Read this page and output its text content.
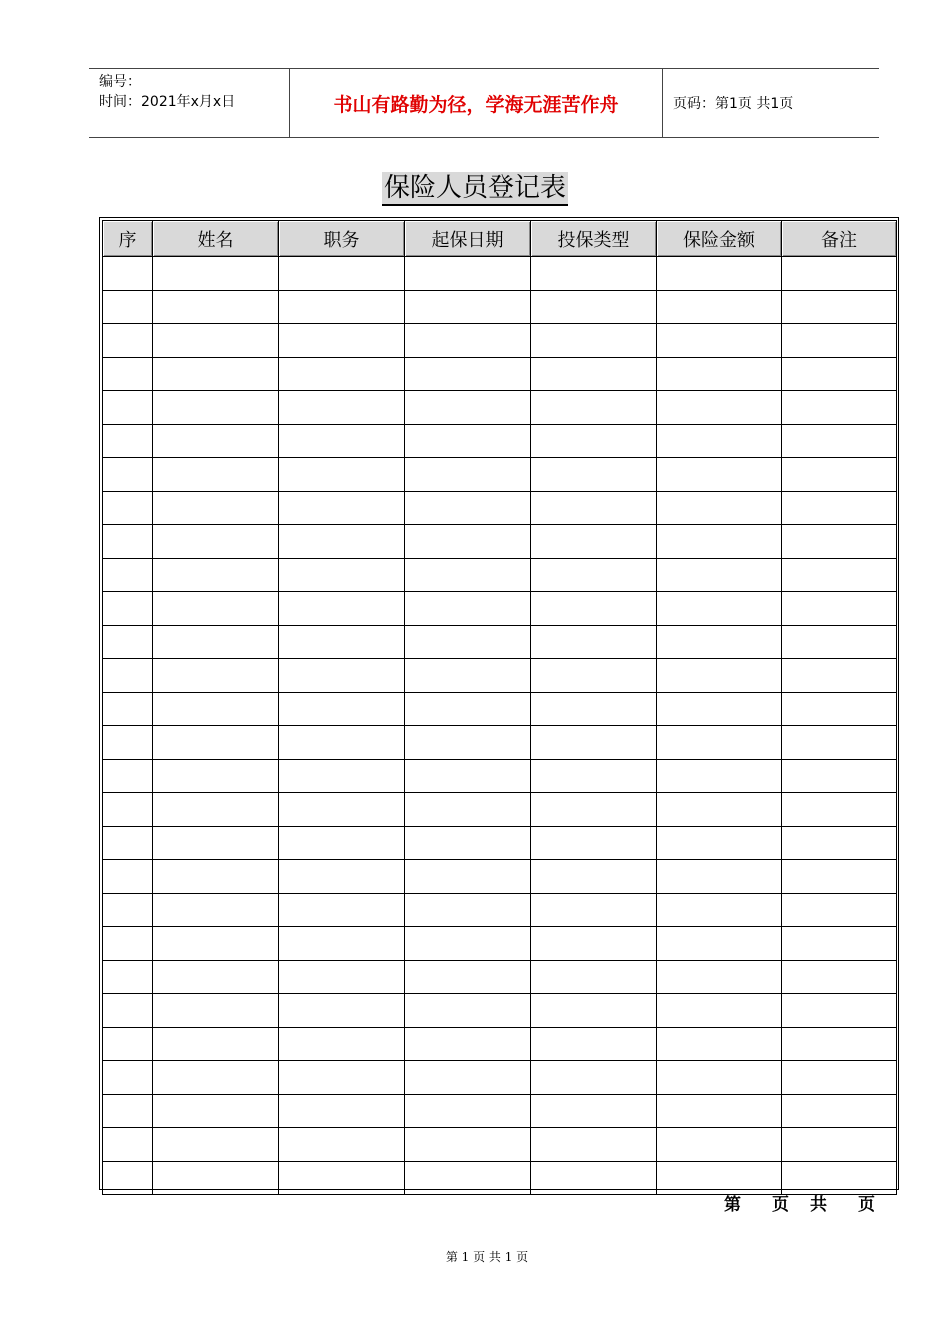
编号：
时间：2021年x月x日	书山有路勤为径，学海无涯苦作舟	页码：第1页 共1页
保险人员登记表
序	姓名	职务	起保日期	投保类型	保险金额	备注

第 页 共 页
第 1 页 共 1 页
